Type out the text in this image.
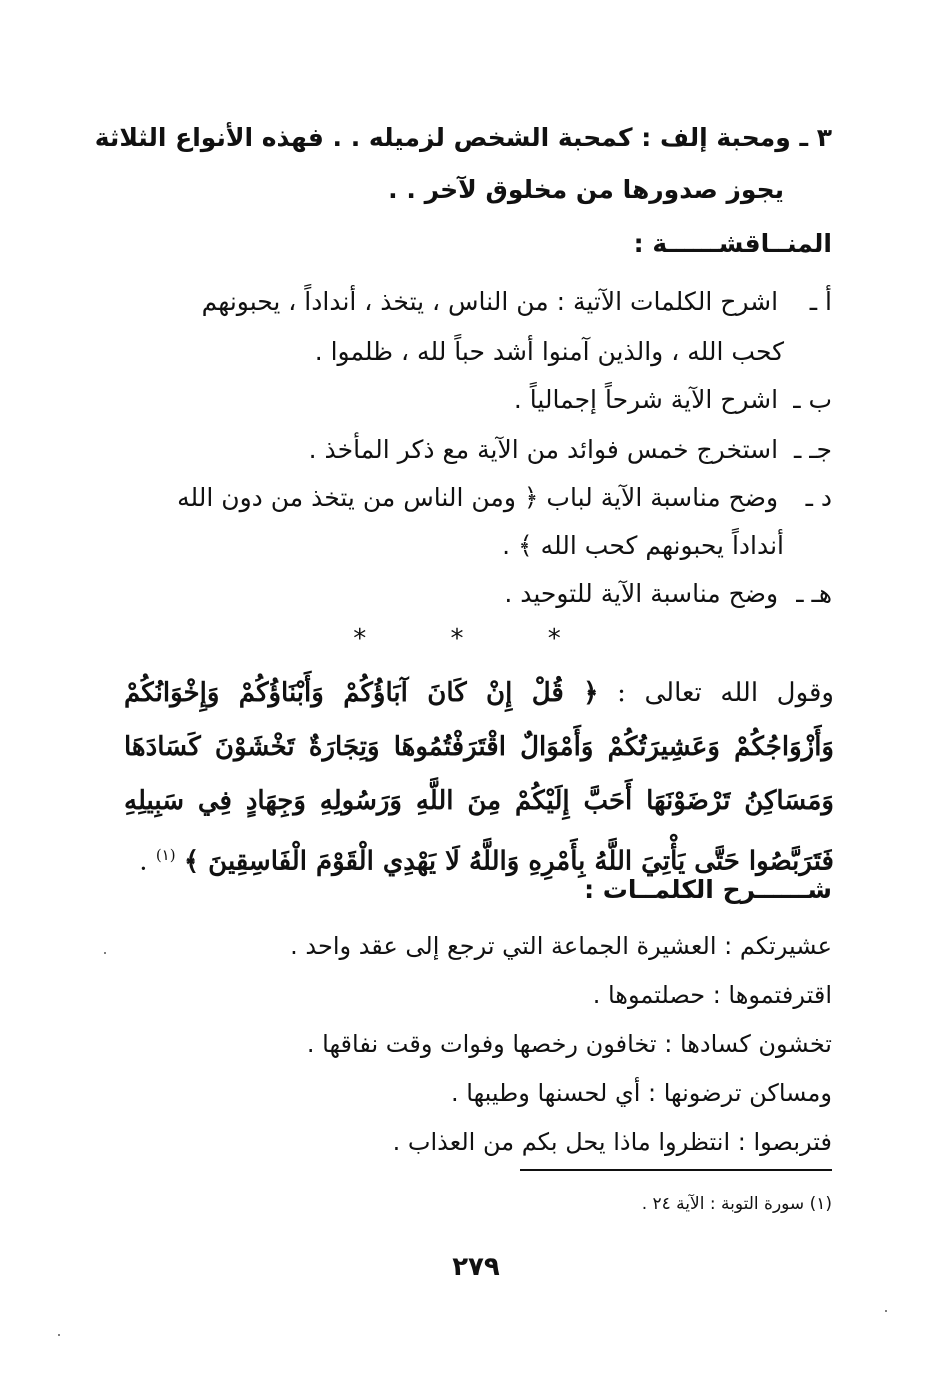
٣ ـ ومحبة إلف : كمحبة الشخص لزميله . . فهذه الأنواع الثلاثة
يجوز صدورها من مخلوق لآخر . .
المنــاقشــــــة :
أ ـ اشرح الكلمات الآتية : من الناس ، يتخذ ، أنداداً ، يحبونهم
كحب الله ، والذين آمنوا أشد حباً لله ، ظلموا .
ب ـ اشرح الآية شرحاً إجمالياً .
جـ ـ استخرج خمس فوائد من الآية مع ذكر المأخذ .
د ـ وضح مناسبة الآية لباب ﴿ ومن الناس من يتخذ من دون الله
أنداداً يحبونهم كحب الله ﴾ .
هـ ـ وضح مناسبة الآية للتوحيد .
* * *
وقول الله تعالى : ﴿ قُلْ إِنْ كَانَ آبَاؤُكُمْ وَأَبْنَاؤُكُمْ وَإِخْوَانُكُمْ وَأَزْوَاجُكُمْ وَعَشِيرَتُكُمْ وَأَمْوَالٌ اقْتَرَفْتُمُوهَا وَتِجَارَةٌ تَخْشَوْنَ كَسَادَهَا وَمَسَاكِنُ تَرْضَوْنَهَا أَحَبَّ إِلَيْكُمْ مِنَ اللَّهِ وَرَسُولِهِ وَجِهَادٍ فِي سَبِيلِهِ فَتَرَبَّصُوا حَتَّى يَأْتِيَ اللَّهُ بِأَمْرِهِ وَاللَّهُ لَا يَهْدِي الْقَوْمَ الْفَاسِقِينَ ﴾ $^{(١)}$ .
شــــــرح الكلمــات :
عشيرتكم : العشيرة الجماعة التي ترجع إلى عقد واحد .
اقترفتموها : حصلتموها .
تخشون كسادها : تخافون رخصها وفوات وقت نفاقها .
ومساكن ترضونها : أي لحسنها وطيبها .
فتربصوا : انتظروا ماذا يحل بكم من العذاب .
(١) سورة التوبة : الآية ٢٤ .
٢٧٩
